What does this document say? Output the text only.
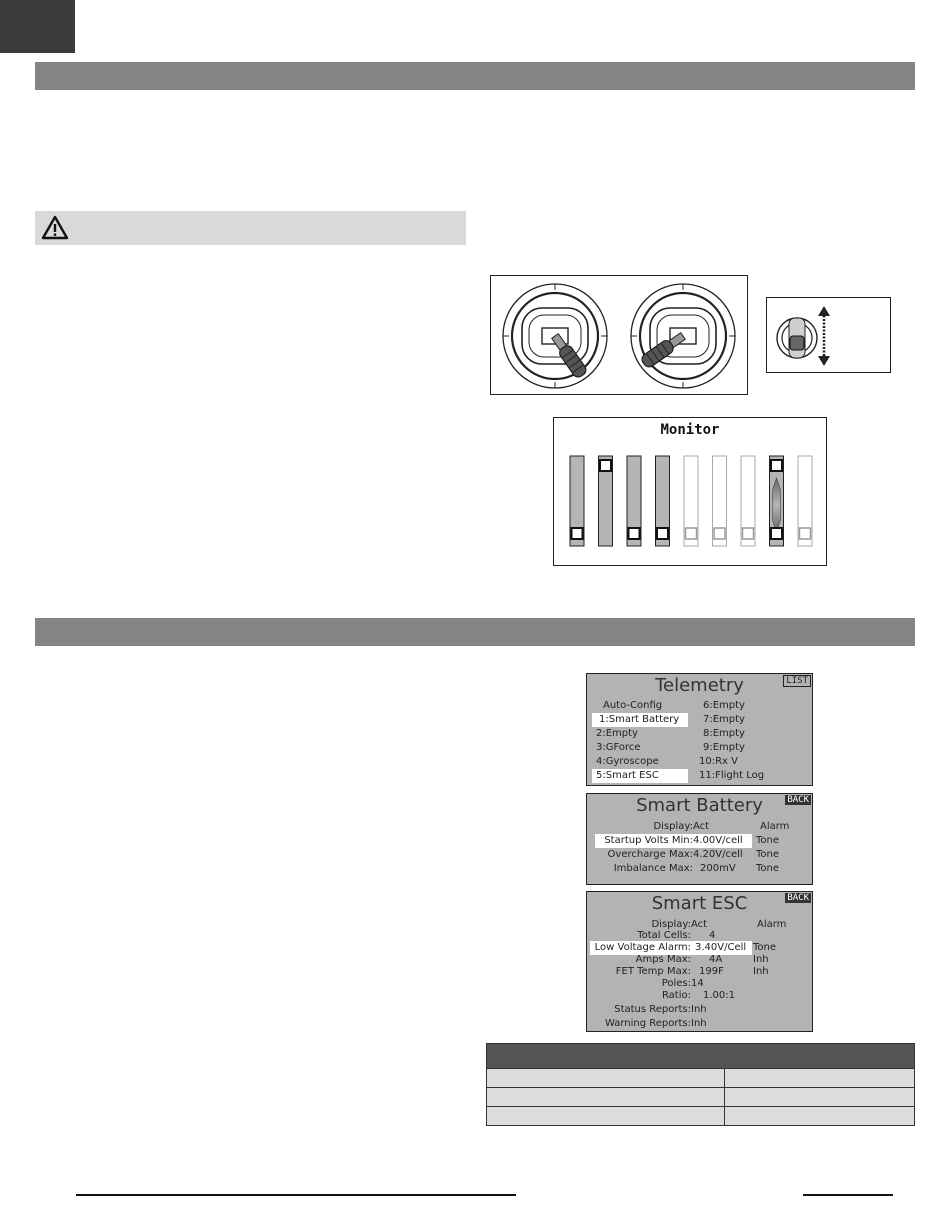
Monitor
Telemetry	LIST
Auto-Config
1:Smart Battery
2:Empty
3:GForce
4:Gyroscope
5:Smart ESC
6:Empty
7:Empty
8:Empty
9:Empty
10:Rx V
11:Flight Log
Smart Battery	BACK
Display: Act	Alarm
Startup Volts Min: 4.00V/cell Tone
Overcharge Max: 4.20V/cell Tone
Imbalance Max: 200mV Tone
Smart ESC	BACK
Display: Act	Alarm
Total Cells: 4
Low Voltage Alarm: 3.40V/Cell Tone
Amps Max: 4A	Inh
FET Temp Max: 199F	Inh
Poles: 14
Ratio: 1.00:1
Status Reports: Inh
Warning Reports: Inh
